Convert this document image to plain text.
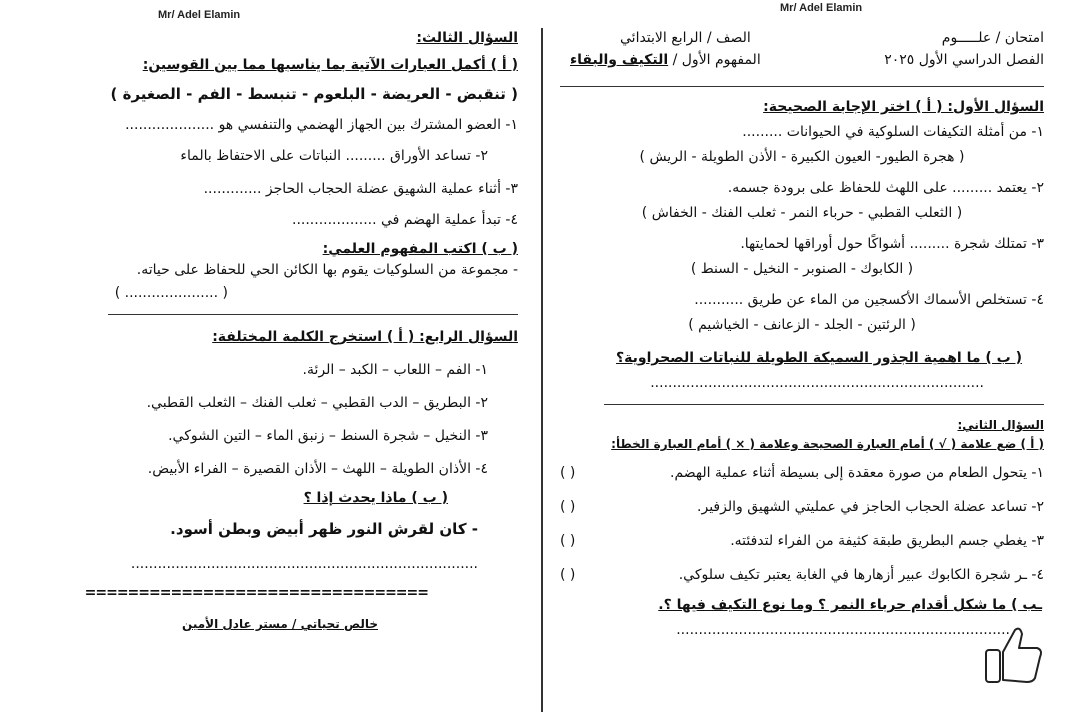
Mr/ Adel Elamin
Mr/ Adel Elamin
امتحان / علـــــوم
الصف / الرابع الابتدائي
الفصل الدراسي الأول ٢٠٢٥
المفهوم الأول / التكيف والبقاء
السؤال الأول: ( أ ) اختر الإجابة الصحيحة:
١- من أمثلة التكيفات السلوكية في الحيوانات .........
( هجرة الطيور- العيون الكبيرة - الأذن الطويلة - الريش )
٢- يعتمد ......... على اللهث للحفاظ على برودة جسمه.
( الثعلب القطبي - حرباء النمر - ثعلب الفنك - الخفاش )
٣- تمتلك شجرة ......... أشواكًا حول أوراقها لحمايتها.
( الكابوك - الصنوبر - النخيل - السنط )
٤- تستخلص الأسماك الأكسجين من الماء عن طريق ...........
( الرئتين - الجلد - الزعانف - الخياشيم )
( ب ) ما اهمية الجذور السميكة الطويلة للنباتات الصحراوية؟
...........................................................................
السؤال الثاني:
( أ ) ضع علامة ( √ ) أمام العبارة الصحيحة وعلامة ( × ) أمام العبارة الخطأ:
١- يتحول الطعام من صورة معقدة إلى بسيطة أثناء عملية الهضم.
( )
٢- تساعد عضلة الحجاب الحاجز في عمليتي الشهيق والزفير.
( )
٣- يغطي جسم البطريق طبقة كثيفة من الفراء لتدفئته.
( )
٤- ـر شجرة الكابوك عبير أزهارها في الغابة يعتبر تكيف سلوكي.
( )
ـب ) ما شكل أقدام حرباء النمر ؟ وما نوع التكيف فيها ؟.
...........................................................................
السؤال الثالث:
( أ ) أكمل العبارات الآتية بما يناسبها مما بين القوسين:
( تنقبض - العريضة - البلعوم - تنبسط - الفم - الصغيرة )
١- العضو المشترك بين الجهاز الهضمي والتنفسي هو ....................
٢- تساعد الأوراق ......... النباتات على الاحتفاظ بالماء
٣- أثناء عملية الشهيق عضلة الحجاب الحاجز .............
٤- تبدأ عملية الهضم في ...................
( ب ) اكتب المفهوم العلمي:
- مجموعة من السلوكيات يقوم بها الكائن الحي للحفاظ على حياته.
( ..................... )
السؤال الرابع: ( أ ) استخرج الكلمة المختلفة:
١- الفم – اللعاب – الكبد – الرئة.
٢- البطريق – الدب القطبي – ثعلب الفنك – الثعلب القطبي.
٣- النخيل – شجرة السنط – زنبق الماء – التين الشوكي.
٤- الأذان الطويلة – اللهث – الأذان القصيرة – الفراء الأبيض.
( ب ) ماذا يحدث إذا ؟
- كان لقرش النور ظهر أبيض وبطن أسود.
..............................................................................
================================
خالص تحياتي / مستر عادل الأمين
